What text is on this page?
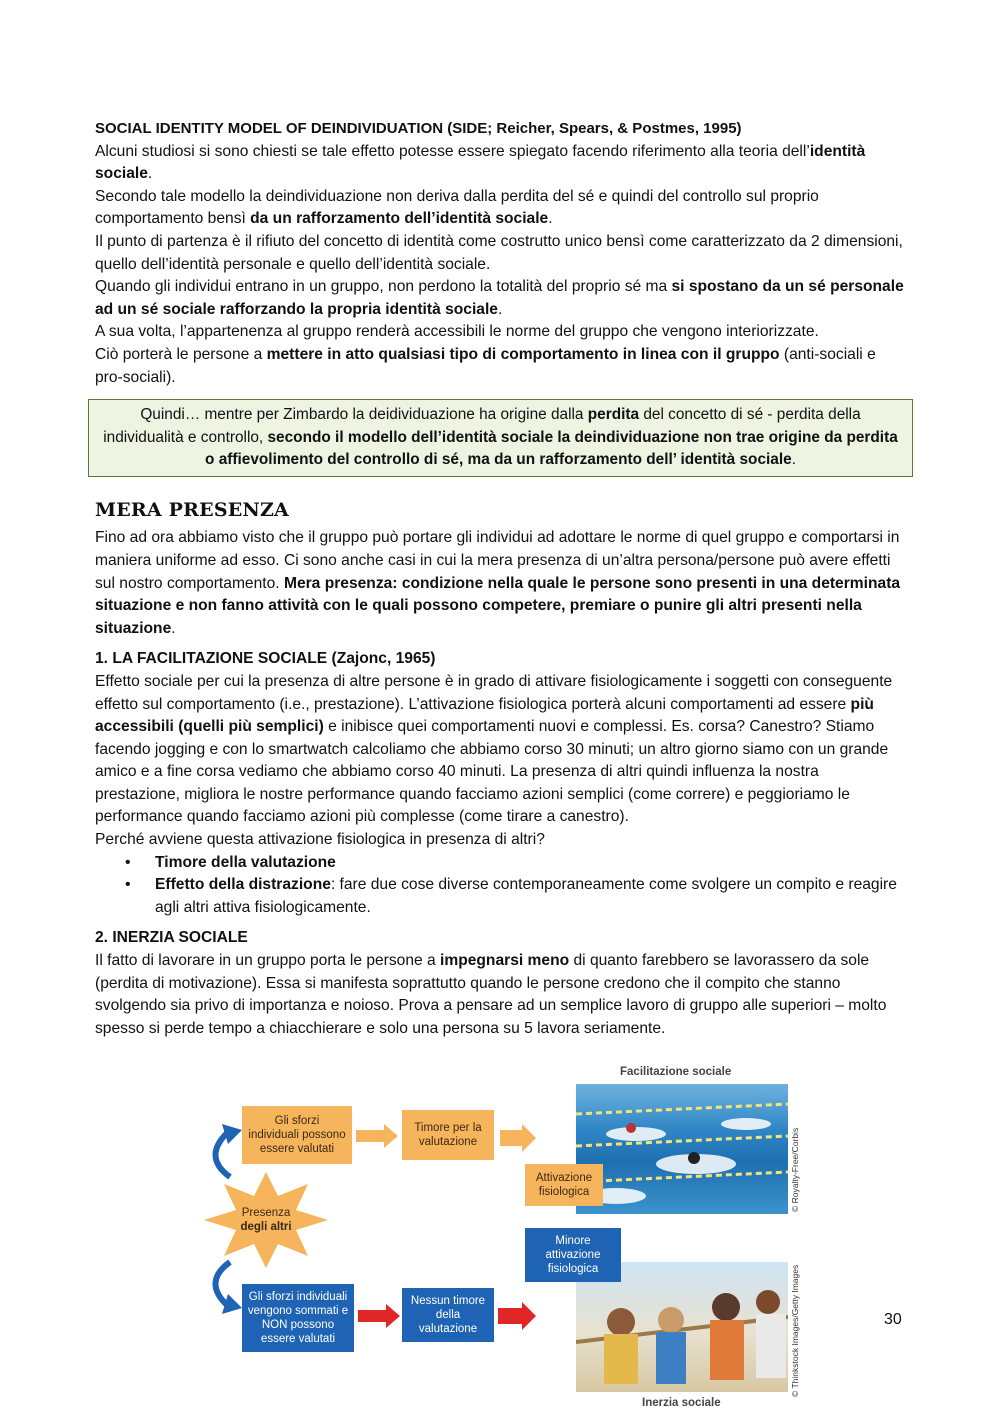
SOCIAL IDENTITY MODEL OF DEINDIVIDUATION (SIDE; Reicher, Spears, & Postmes, 1995)

Alcuni studiosi si sono chiesti se tale effetto potesse essere spiegato facendo riferimento alla teoria dell’identità sociale.

Secondo tale modello la deindividuazione non deriva dalla perdita del sé e quindi del controllo sul proprio comportamento bensì da un rafforzamento dell’identità sociale.

Il punto di partenza è il rifiuto del concetto di identità come costrutto unico bensì come caratterizzato da 2 dimensioni, quello dell’identità personale e quello dell’identità sociale.

Quando gli individui entrano in un gruppo, non perdono la totalità del proprio sé ma si spostano da un sé personale ad un sé sociale rafforzando la propria identità sociale.

A sua volta, l’appartenenza al gruppo renderà accessibili le norme del gruppo che vengono interiorizzate.

Ciò porterà le persone a mettere in atto qualsiasi tipo di comportamento in linea con il gruppo (anti-sociali e pro-sociali).

Quindi… mentre per Zimbardo la deidividuazione ha origine dalla perdita del concetto di sé - perdita della individualità e controllo, secondo il modello dell’identità sociale la deindividuazione non trae origine da perdita o affievolimento del controllo di sé, ma da un rafforzamento dell’ identità sociale.
MERA PRESENZA

Fino ad ora abbiamo visto che il gruppo può portare gli individui ad adottare le norme di quel gruppo e comportarsi in maniera uniforme ad esso. Ci sono anche casi in cui la mera presenza di un’altra persona/persone può avere effetti sul nostro comportamento. Mera presenza: condizione nella quale le persone sono presenti in una determinata situazione e non fanno attività con le quali possono competere, premiare o punire gli altri presenti nella situazione.

1. LA FACILITAZIONE SOCIALE (Zajonc, 1965)

Effetto sociale per cui la presenza di altre persone è in grado di attivare fisiologicamente i soggetti con conseguente effetto sul comportamento (i.e., prestazione). L’attivazione fisiologica porterà alcuni comportamenti ad essere più accessibili (quelli più semplici) e inibisce quei comportamenti nuovi e complessi. Es. corsa? Canestro? Stiamo facendo jogging e con lo smartwatch calcoliamo che abbiamo corso 30 minuti; un altro giorno siamo con un grande amico e a fine corsa vediamo che abbiamo corso 40 minuti. La presenza di altri quindi influenza la nostra prestazione, migliora le nostre performance quando facciamo azioni semplici (come correre) e peggioriamo le performance quando facciamo azioni più complesse (come tirare a canestro).

Perché avviene questa attivazione fisiologica in presenza di altri?

• Timore della valutazione
• Effetto della distrazione: fare due cose diverse contemporaneamente come svolgere un compito e reagire agli altri attiva fisiologicamente.

2. INERZIA SOCIALE

Il fatto di lavorare in un gruppo porta le persone a impegnarsi meno di quanto farebbero se lavorassero da sole (perdita di motivazione). Essa si manifesta soprattutto quando le persone credono che il compito che stanno svolgendo sia privo di importanza e noioso. Prova a pensare ad un semplice lavoro di gruppo alle superiori – molto spesso si perde tempo a chiacchierare e solo una persona su 5 lavora seriamente.

Facilitazione sociale
Inerzia sociale
© Royalty-Free/Corbis
© Thinkstock Images/Getty Images
Gli sforzi individuali possono essere valutati
Timore per la valutazione
Attivazione fisiologica
Minore attivazione fisiologica
Gli sforzi individuali vengono sommati e NON possono essere valutati
Nessun timore della valutazione
Presenza
degli altri
30
